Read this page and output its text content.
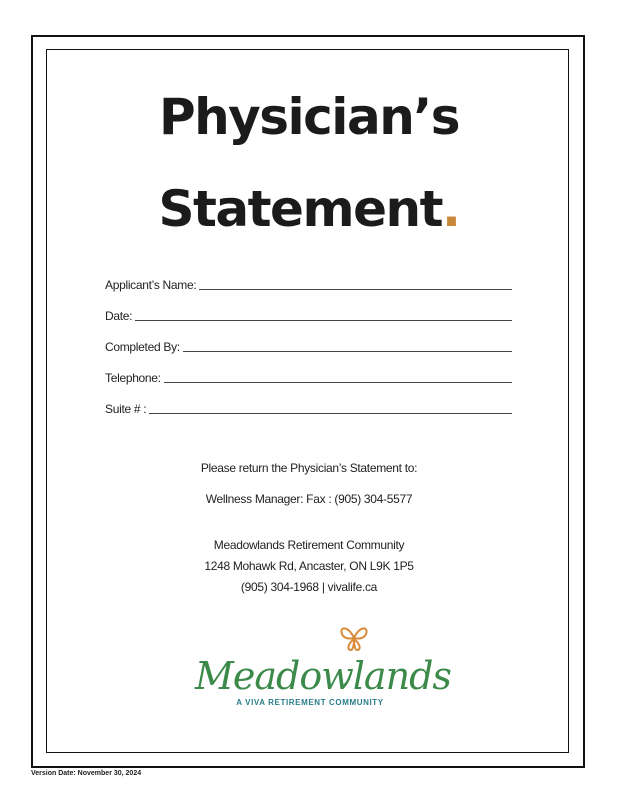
Physician’s
Statement.
Applicant’s Name:
Date:
Completed By:
Telephone:
Suite # :
Please return the Physician’s Statement to:
Wellness Manager: Fax : (905) 304-5577
Meadowlands Retirement Community
1248 Mohawk Rd, Ancaster, ON L9K 1P5
(905) 304-1968 | vivalife.ca
Meadowlands
A VIVA RETIREMENT COMMUNITY
Version Date: November 30, 2024
